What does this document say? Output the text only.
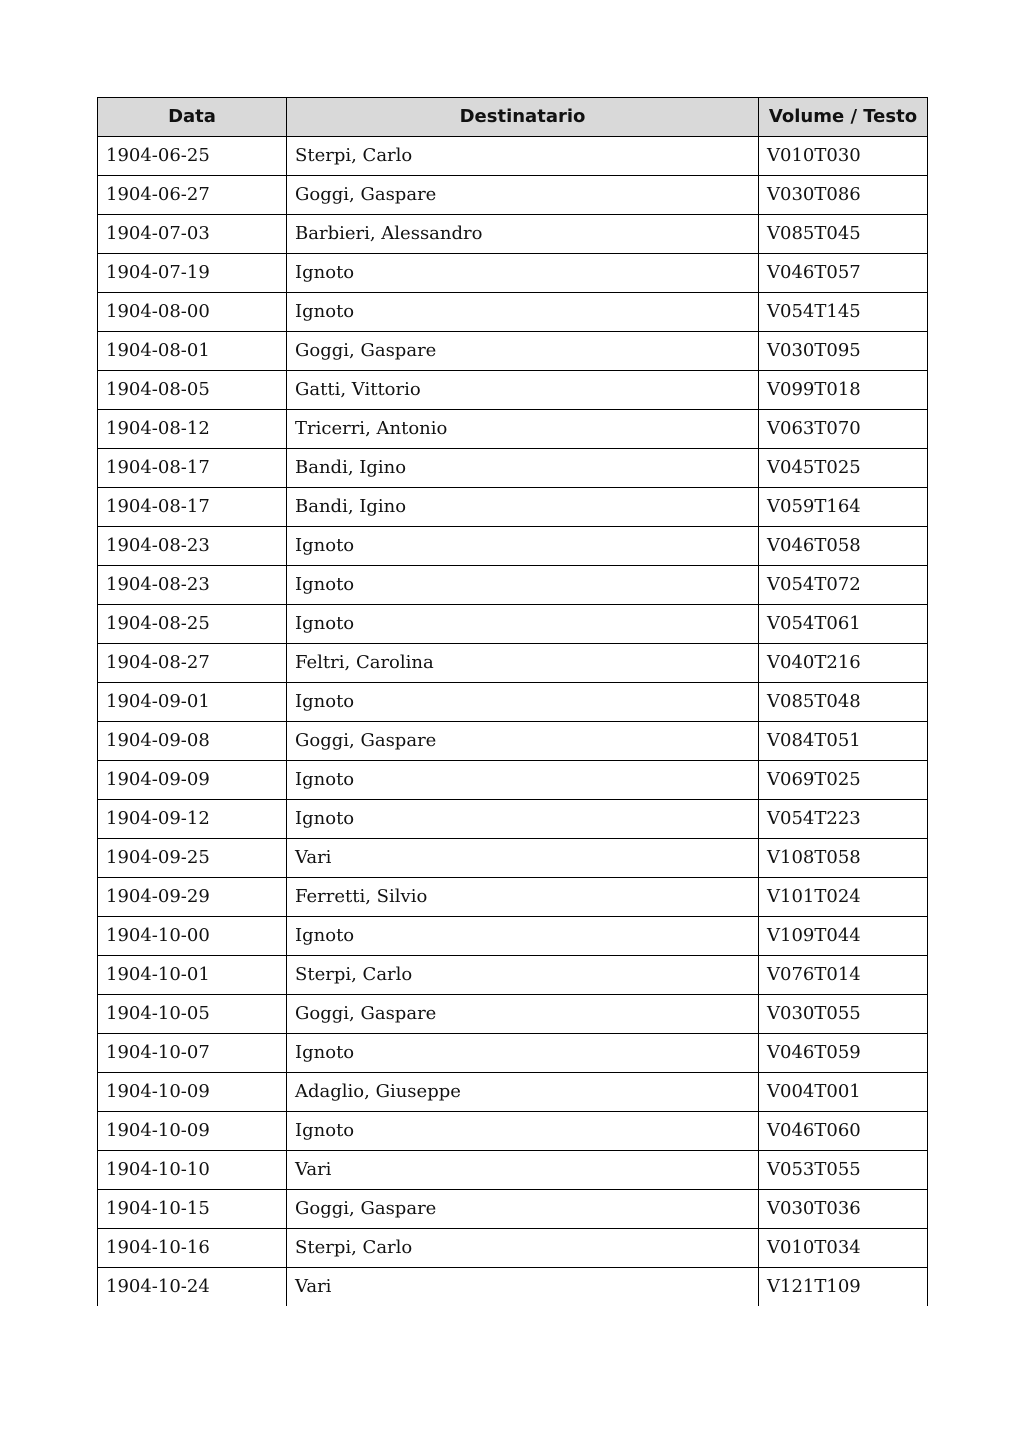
Data	Destinatario	Volume / Testo
1904-06-25	Sterpi, Carlo	V010T030
1904-06-27	Goggi, Gaspare	V030T086
1904-07-03	Barbieri, Alessandro	V085T045
1904-07-19	Ignoto	V046T057
1904-08-00	Ignoto	V054T145
1904-08-01	Goggi, Gaspare	V030T095
1904-08-05	Gatti, Vittorio	V099T018
1904-08-12	Tricerri, Antonio	V063T070
1904-08-17	Bandi, Igino	V045T025
1904-08-17	Bandi, Igino	V059T164
1904-08-23	Ignoto	V046T058
1904-08-23	Ignoto	V054T072
1904-08-25	Ignoto	V054T061
1904-08-27	Feltri, Carolina	V040T216
1904-09-01	Ignoto	V085T048
1904-09-08	Goggi, Gaspare	V084T051
1904-09-09	Ignoto	V069T025
1904-09-12	Ignoto	V054T223
1904-09-25	Vari	V108T058
1904-09-29	Ferretti, Silvio	V101T024
1904-10-00	Ignoto	V109T044
1904-10-01	Sterpi, Carlo	V076T014
1904-10-05	Goggi, Gaspare	V030T055
1904-10-07	Ignoto	V046T059
1904-10-09	Adaglio, Giuseppe	V004T001
1904-10-09	Ignoto	V046T060
1904-10-10	Vari	V053T055
1904-10-15	Goggi, Gaspare	V030T036
1904-10-16	Sterpi, Carlo	V010T034
1904-10-24	Vari	V121T109
